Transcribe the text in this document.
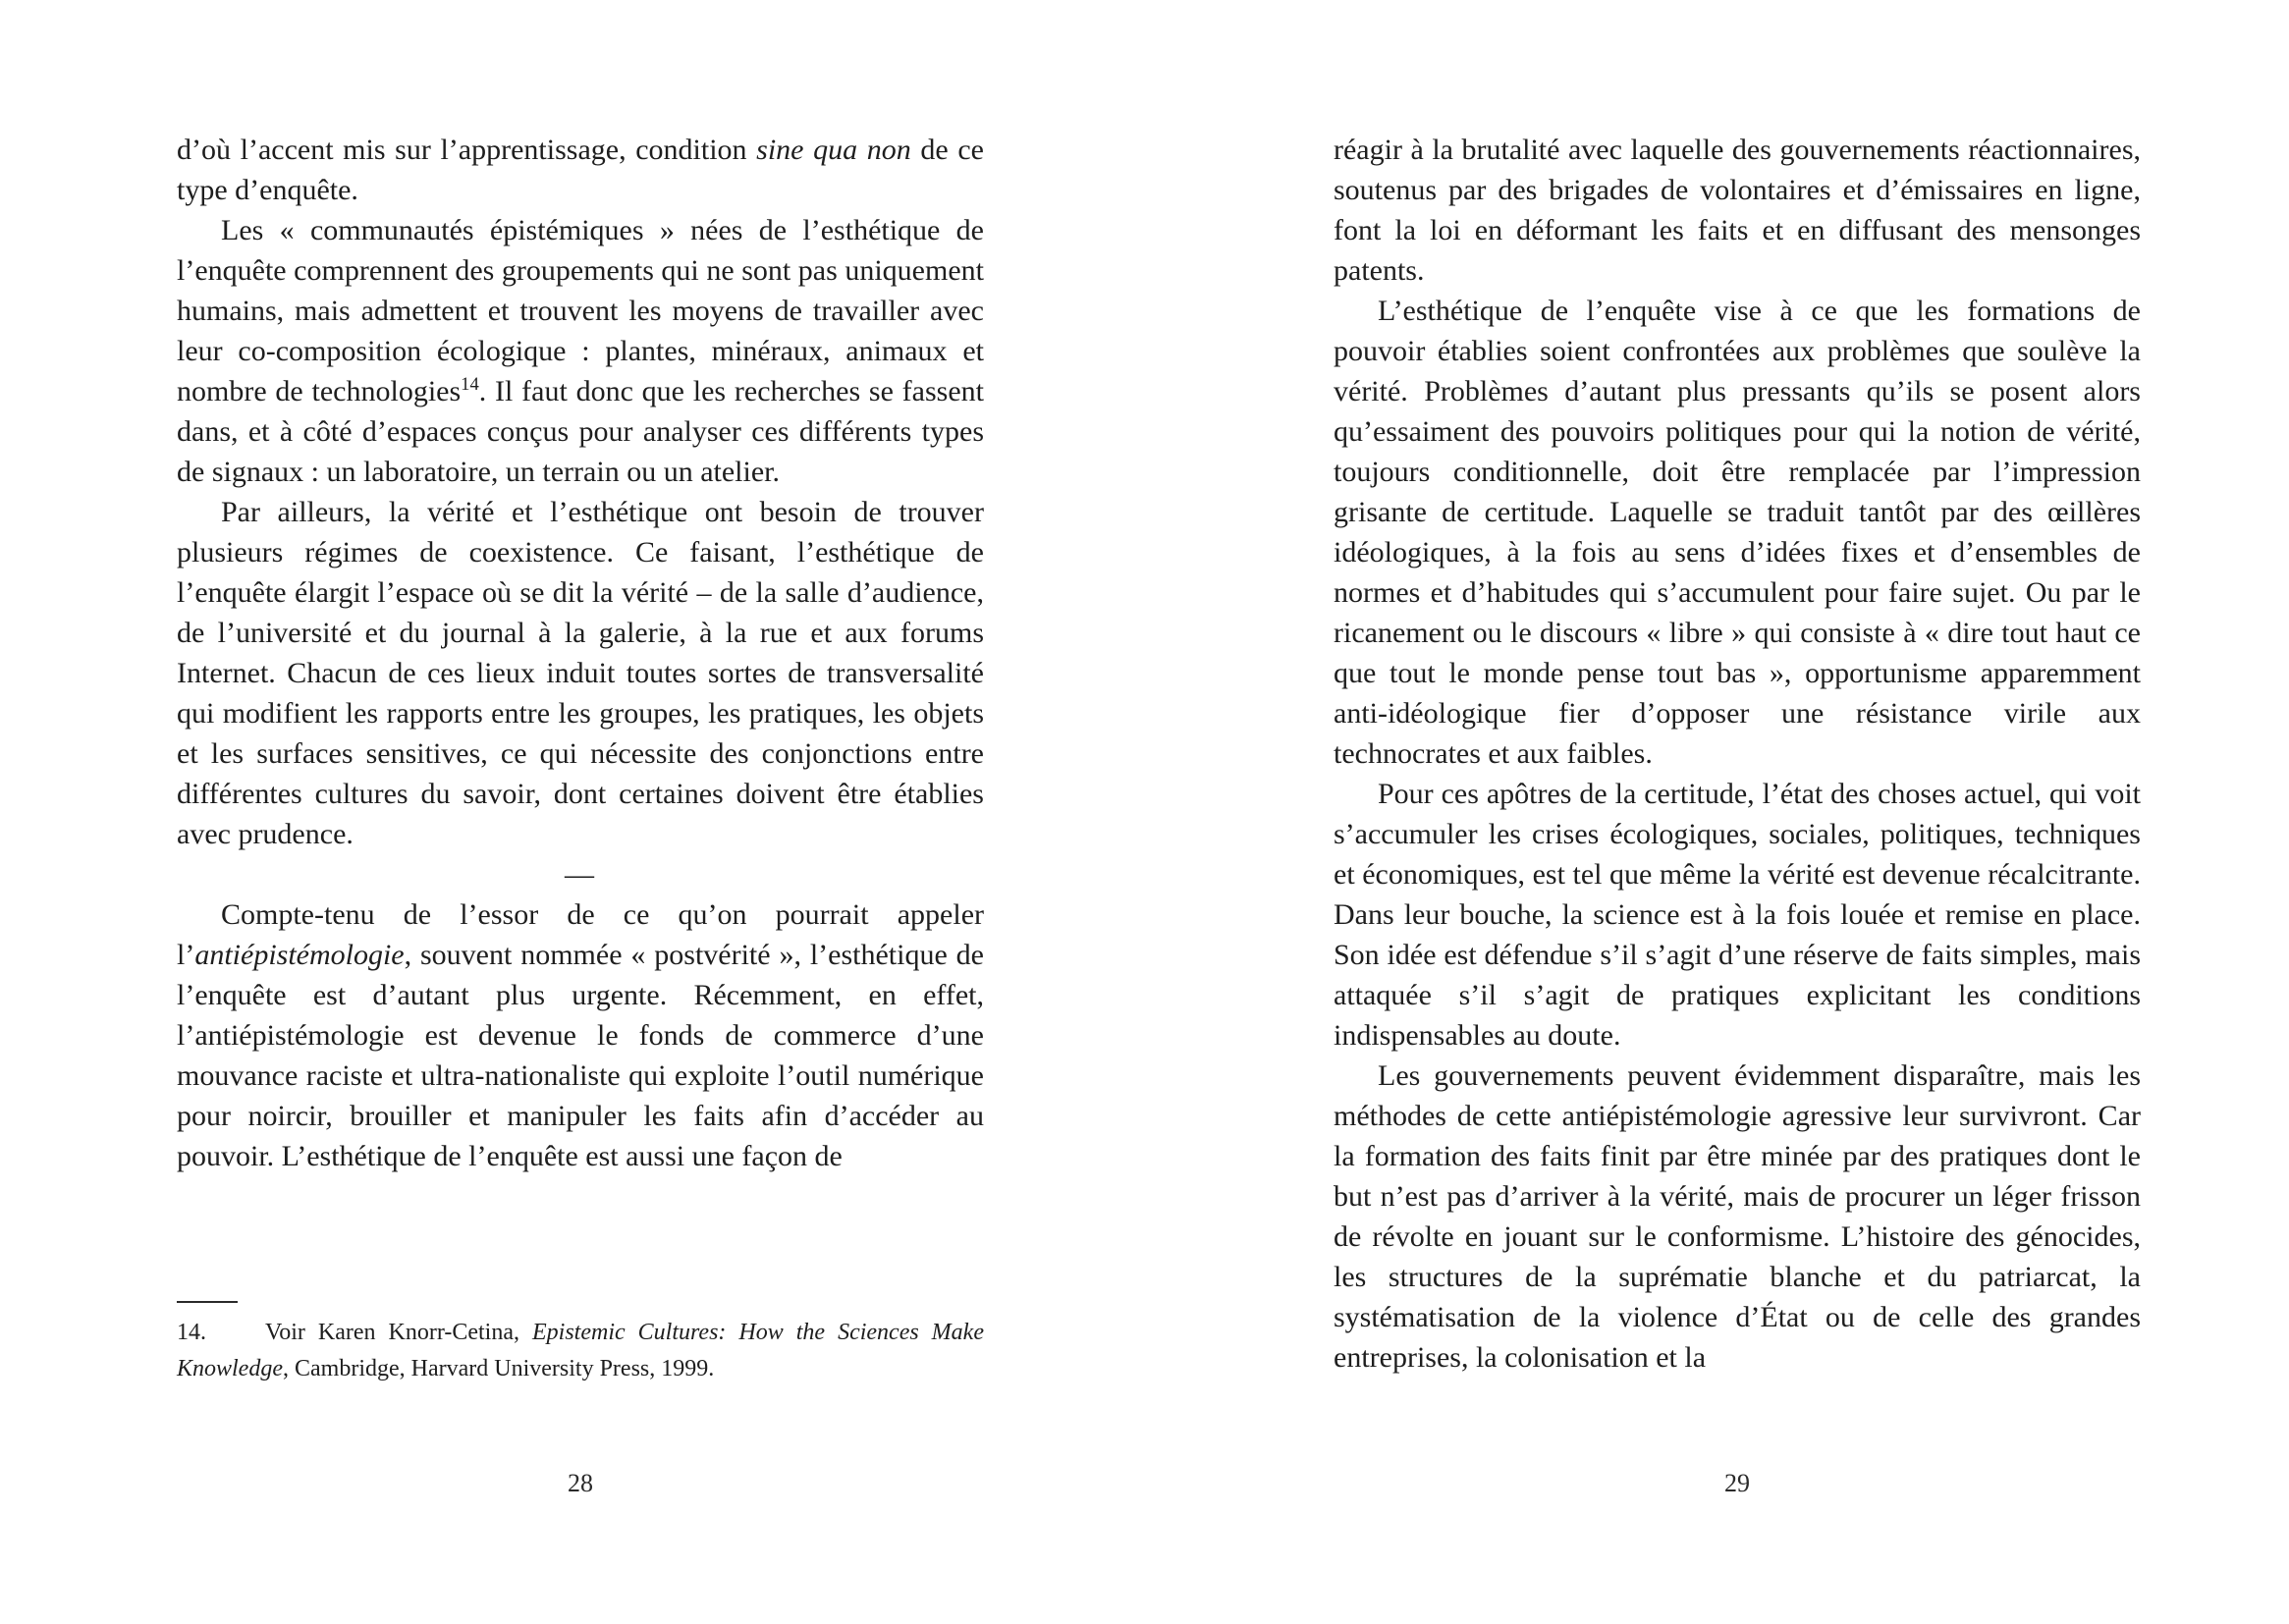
d’où l’accent mis sur l’apprentissage, condition sine qua non de ce type d’enquête.

Les « communautés épistémiques » nées de l’esthétique de l’enquête comprennent des groupements qui ne sont pas uniquement humains, mais admettent et trouvent les moyens de travailler avec leur co-composition écologique : plantes, minéraux, animaux et nombre de technologies$^{14}$. Il faut donc que les recherches se fassent dans, et à côté d’espaces conçus pour analyser ces différents types de signaux : un laboratoire, un terrain ou un atelier.

Par ailleurs, la vérité et l’esthétique ont besoin de trouver plusieurs régimes de coexistence. Ce faisant, l’esthétique de l’enquête élargit l’espace où se dit la vérité – de la salle d’audience, de l’université et du journal à la galerie, à la rue et aux forums Internet. Chacun de ces lieux induit toutes sortes de transversalité qui modifient les rapports entre les groupes, les pratiques, les objets et les surfaces sensitives, ce qui nécessite des conjonctions entre différentes cultures du savoir, dont certaines doivent être établies avec prudence.

—

Compte-tenu de l’essor de ce qu’on pourrait appeler l’antiépistémologie, souvent nommée « postvérité », l’esthétique de l’enquête est d’autant plus urgente. Récemment, en effet, l’antiépistémologie est devenue le fonds de commerce d’une mouvance raciste et ultra-nationaliste qui exploite l’outil numérique pour noircir, brouiller et manipuler les faits afin d’accéder au pouvoir. L’esthétique de l’enquête est aussi une façon de

14.	Voir Karen Knorr-Cetina, Epistemic Cultures: How the Sciences Make Knowledge, Cambridge, Harvard University Press, 1999.

28

réagir à la brutalité avec laquelle des gouvernements réactionnaires, soutenus par des brigades de volontaires et d’émissaires en ligne, font la loi en déformant les faits et en diffusant des mensonges patents.

L’esthétique de l’enquête vise à ce que les formations de pouvoir établies soient confrontées aux problèmes que soulève la vérité. Problèmes d’autant plus pressants qu’ils se posent alors qu’essaiment des pouvoirs politiques pour qui la notion de vérité, toujours conditionnelle, doit être remplacée par l’impression grisante de certitude. Laquelle se traduit tantôt par des œillères idéologiques, à la fois au sens d’idées fixes et d’ensembles de normes et d’habitudes qui s’accumulent pour faire sujet. Ou par le ricanement ou le discours « libre » qui consiste à « dire tout haut ce que tout le monde pense tout bas », opportunisme apparemment anti-idéologique fier d’opposer une résistance virile aux technocrates et aux faibles.

Pour ces apôtres de la certitude, l’état des choses actuel, qui voit s’accumuler les crises écologiques, sociales, politiques, techniques et économiques, est tel que même la vérité est devenue récalcitrante. Dans leur bouche, la science est à la fois louée et remise en place. Son idée est défendue s’il s’agit d’une réserve de faits simples, mais attaquée s’il s’agit de pratiques explicitant les conditions indispensables au doute.

Les gouvernements peuvent évidemment disparaître, mais les méthodes de cette antiépistémologie agressive leur survivront. Car la formation des faits finit par être minée par des pratiques dont le but n’est pas d’arriver à la vérité, mais de procurer un léger frisson de révolte en jouant sur le conformisme. L’histoire des génocides, les structures de la suprématie blanche et du patriarcat, la systématisation de la violence d’État ou de celle des grandes entreprises, la colonisation et la

29
